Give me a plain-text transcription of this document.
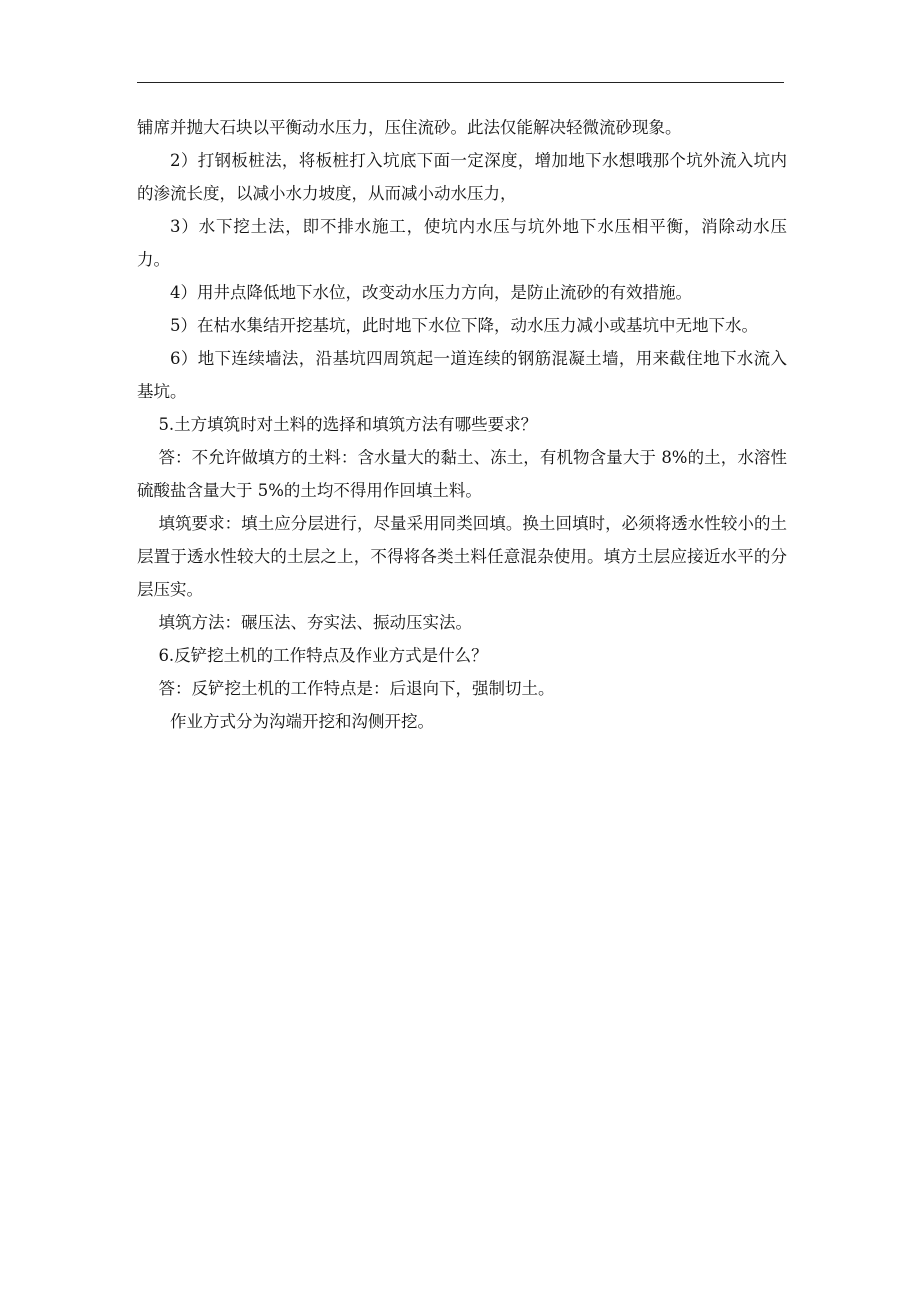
铺席并抛大石块以平衡动水压力，压住流砂。此法仅能解决轻微流砂现象。

2）打钢板桩法，将板桩打入坑底下面一定深度，增加地下水想哦那个坑外流入坑内的渗流长度，以减小水力坡度，从而减小动水压力，

3）水下挖土法，即不排水施工，使坑内水压与坑外地下水压相平衡，消除动水压力。

4）用井点降低地下水位，改变动水压力方向，是防止流砂的有效措施。

5）在枯水集结开挖基坑，此时地下水位下降，动水压力减小或基坑中无地下水。

6）地下连续墙法，沿基坑四周筑起一道连续的钢筋混凝土墙，用来截住地下水流入基坑。

5.土方填筑时对土料的选择和填筑方法有哪些要求？

答：不允许做填方的土料：含水量大的黏土、冻土，有机物含量大于 8%的土，水溶性硫酸盐含量大于 5%的土均不得用作回填土料。

填筑要求：填土应分层进行，尽量采用同类回填。换土回填时，必须将透水性较小的土层置于透水性较大的土层之上，不得将各类土料任意混杂使用。填方土层应接近水平的分层压实。

填筑方法：碾压法、夯实法、振动压实法。

6.反铲挖土机的工作特点及作业方式是什么？

答：反铲挖土机的工作特点是：后退向下，强制切土。

作业方式分为沟端开挖和沟侧开挖。
